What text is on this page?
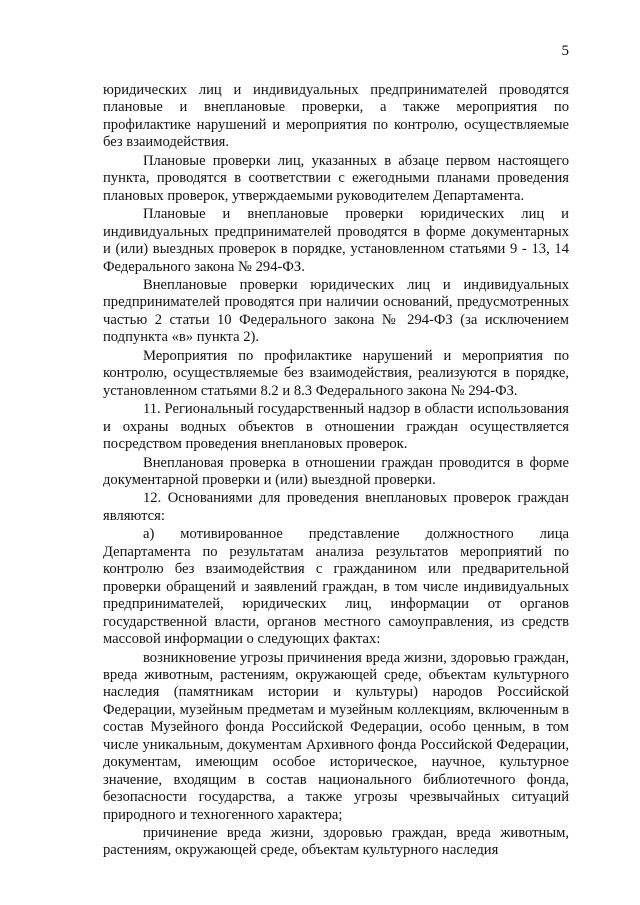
5

юридических лиц и индивидуальных предпринимателей проводятся плановые и внеплановые проверки, а также мероприятия по профилактике нарушений и мероприятия по контролю, осуществляемые без взаимодействия.

Плановые проверки лиц, указанных в абзаце первом настоящего пункта, проводятся в соответствии с ежегодными планами проведения плановых проверок, утверждаемыми руководителем Департамента.

Плановые и внеплановые проверки юридических лиц и индивидуальных предпринимателей проводятся в форме документарных и (или) выездных проверок в порядке, установленном статьями 9 - 13, 14 Федерального закона № 294-ФЗ.

Внеплановые проверки юридических лиц и индивидуальных предпринимателей проводятся при наличии оснований, предусмотренных частью 2 статьи 10 Федерального закона № 294-ФЗ (за исключением подпункта «в» пункта 2).

Мероприятия по профилактике нарушений и мероприятия по контролю, осуществляемые без взаимодействия, реализуются в порядке, установленном статьями 8.2 и 8.3 Федерального закона № 294-ФЗ.

11. Региональный государственный надзор в области использования и охраны водных объектов в отношении граждан осуществляется посредством проведения внеплановых проверок.

Внеплановая проверка в отношении граждан проводится в форме документарной проверки и (или) выездной проверки.

12. Основаниями для проведения внеплановых проверок граждан являются:

а) мотивированное представление должностного лица Департамента по результатам анализа результатов мероприятий по контролю без взаимодействия с гражданином или предварительной проверки обращений и заявлений граждан, в том числе индивидуальных предпринимателей, юридических лиц, информации от органов государственной власти, органов местного самоуправления, из средств массовой информации о следующих фактах:

возникновение угрозы причинения вреда жизни, здоровью граждан, вреда животным, растениям, окружающей среде, объектам культурного наследия (памятникам истории и культуры) народов Российской Федерации, музейным предметам и музейным коллекциям, включенным в состав Музейного фонда Российской Федерации, особо ценным, в том числе уникальным, документам Архивного фонда Российской Федерации, документам, имеющим особое историческое, научное, культурное значение, входящим в состав национального библиотечного фонда, безопасности государства, а также угрозы чрезвычайных ситуаций природного и техногенного характера;

причинение вреда жизни, здоровью граждан, вреда животным, растениям, окружающей среде, объектам культурного наследия
